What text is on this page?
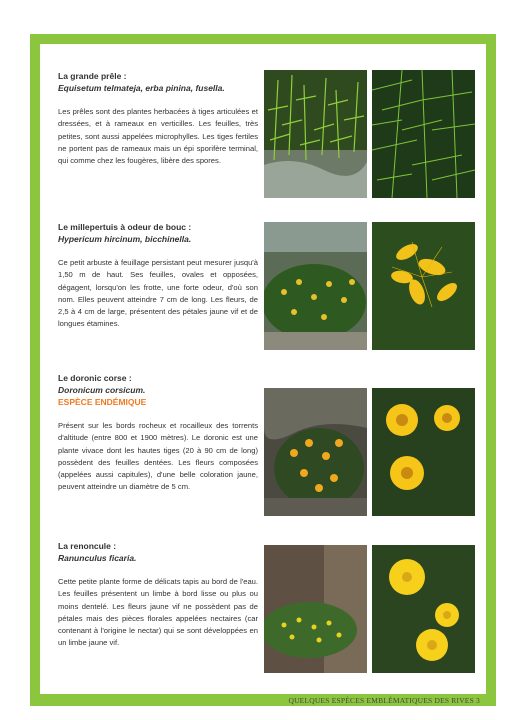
La grande prêle :
Equisetum telmateja, erba pinina, fusella.
Les prêles sont des plantes herbacées à tiges articulées et dressées, et à rameaux en verticilles. Les feuilles, très petites, sont aussi appelées microphylles. Les tiges fertiles ne portent pas de rameaux mais un épi sporifère terminal, qui comme chez les fougères, libère des spores.
Le millepertuis à odeur de bouc :
Hypericum hircinum, bicchinella.
Ce petit arbuste à feuillage persistant peut mesurer jusqu'à 1,50 m de haut. Ses feuilles, ovales et opposées, dégagent, lorsqu'on les frotte, une forte odeur, d'où son nom. Elles peuvent atteindre 7 cm de long. Les fleurs, de 2,5 à 4 cm de large, présentent des pétales jaune vif et de longues étamines.
Le doronic corse :
Doronicum corsicum.
ESPÈCE ENDÉMIQUE
Présent sur les bords rocheux et rocailleux des torrents d'altitude (entre 800 et 1900 mètres). Le doronic est une plante vivace dont les hautes tiges (20 à 90 cm de long) possèdent des feuilles dentées. Les fleurs composées (appelées aussi capitules), d'une belle coloration jaune, peuvent atteindre un diamètre de 5 cm.
La renoncule :
Ranunculus ficaria.
Cette petite plante forme de délicats tapis au bord de l'eau. Les feuilles présentent un limbe à bord lisse ou plus ou moins dentelé. Les fleurs jaune vif ne possèdent pas de pétales mais des pièces florales appelées nectaires (car contenant à l'origine le nectar) qui se sont développées en un limbe jaune vif.
QUELQUES ESPÈCES EMBLÉMATIQUES DES RIVES 3
